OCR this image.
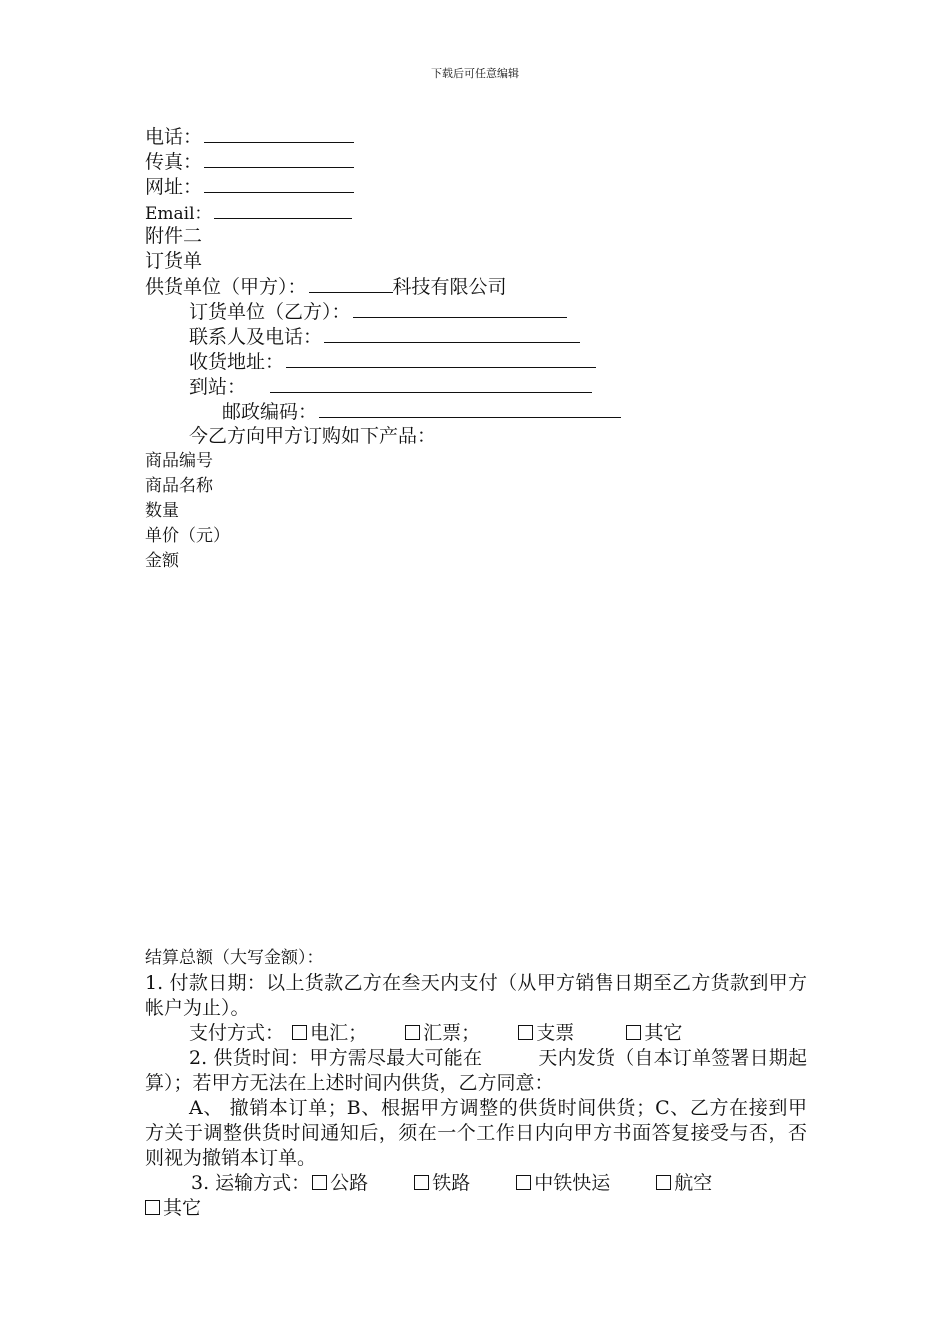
下载后可任意编辑
电话：
传真：
网址：
Email：
附件二
订货单
供货单位（甲方）：	科技有限公司
订货单位（乙方）：
联系人及电话：
收货地址：
到站：
邮政编码：
今乙方向甲方订购如下产品：
商品编号
商品名称
数量
单价（元）
金额
结算总额（大写金额）：
1. 付款日期：以上货款乙方在叁天内支付（从甲方销售日期至乙方货款到甲方帐户为止）。
支付方式： 电汇；	汇票；	支票	其它
2. 供货时间：甲方需尽最大可能在	天内发货（自本订单签署日期起算）；若甲方无法在上述时间内供货，乙方同意：
A、 撤销本订单；B、根据甲方调整的供货时间供货；C、乙方在接到甲方关于调整供货时间通知后，须在一个工作日内向甲方书面答复接受与否，否则视为撤销本订单。
3. 运输方式： 公路	铁路	中铁快运	航空
其它
